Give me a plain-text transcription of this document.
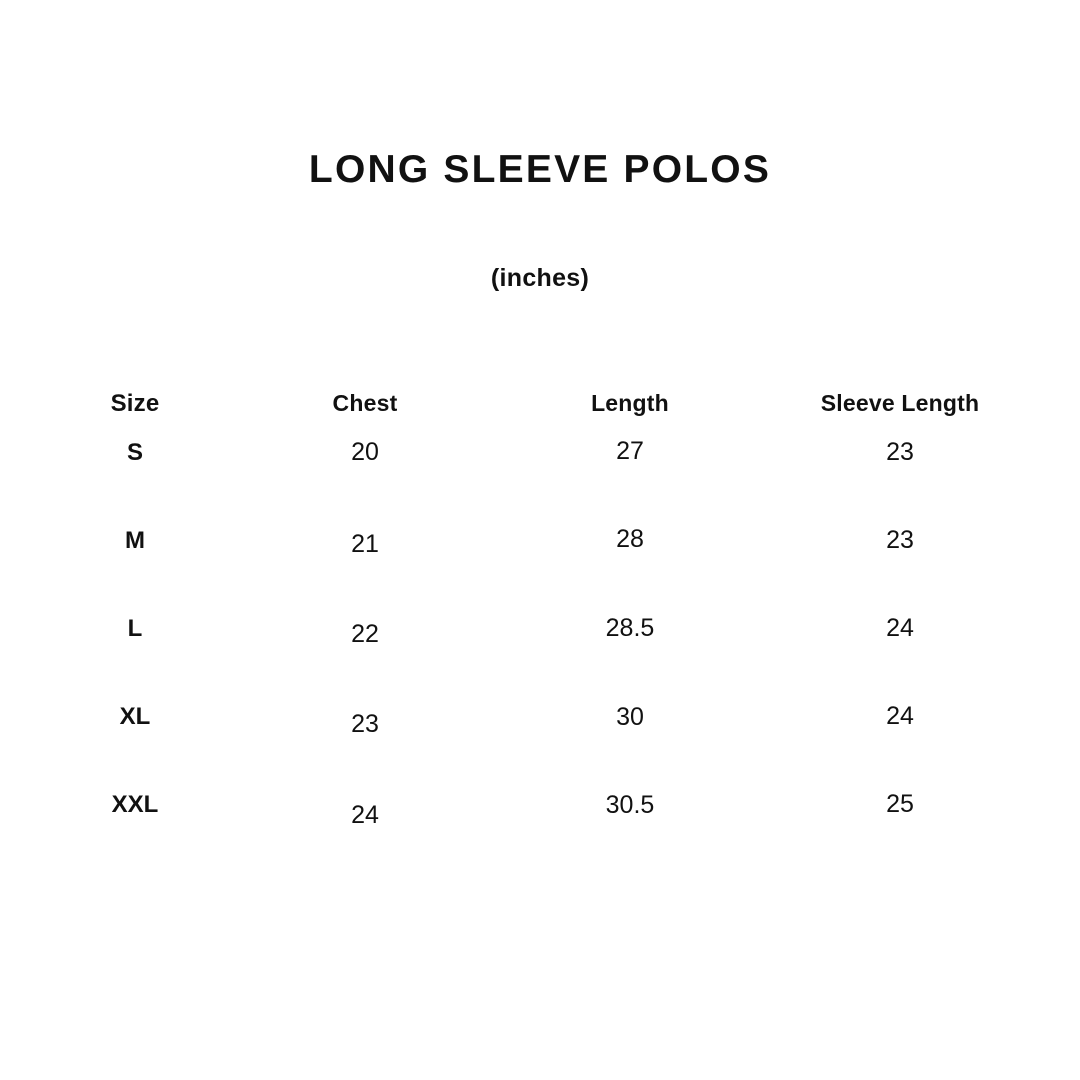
LONG SLEEVE POLOS
(inches)
Size	Chest	Length	Sleeve Length
S	20	27	23
M	21	28	23
L	22	28.5	24
XL	23	30	24
XXL	24	30.5	25
